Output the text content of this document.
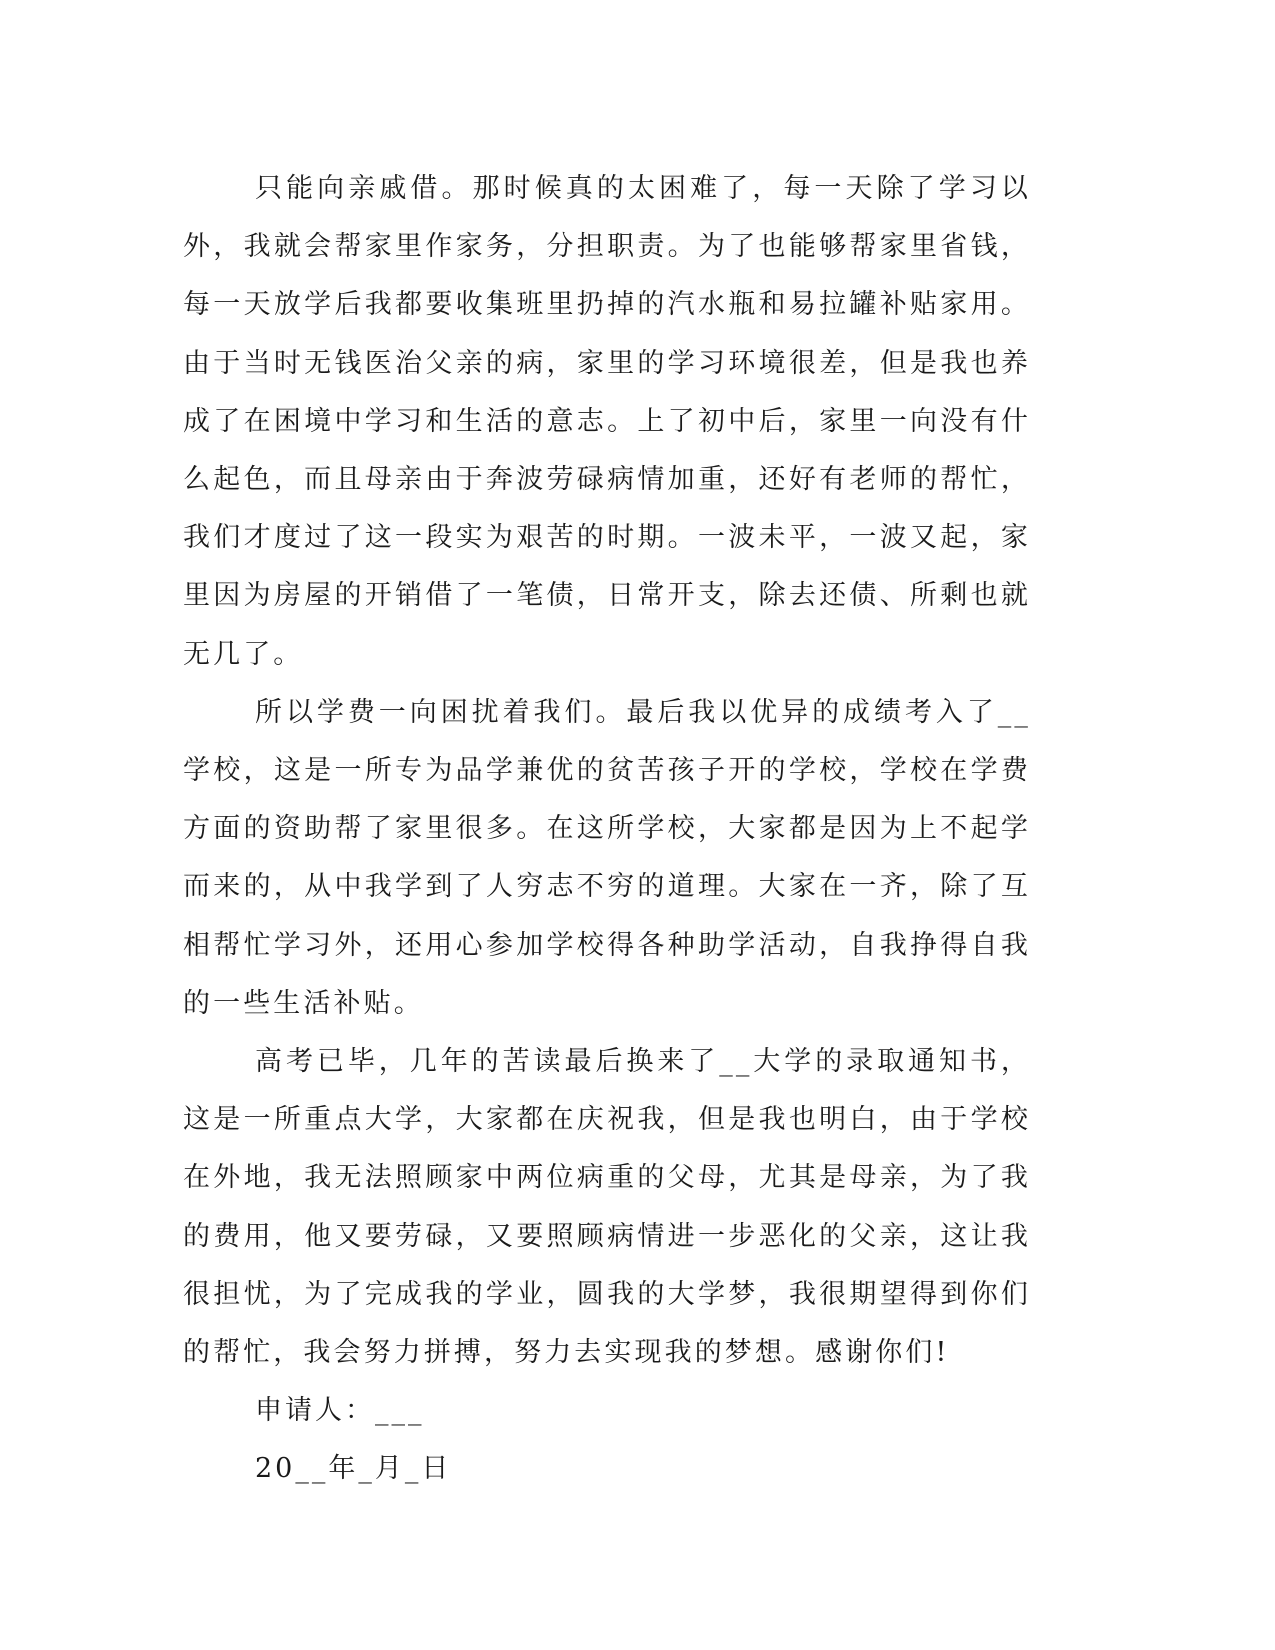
只能向亲戚借。那时候真的太困难了，每一天除了学习以外，我就会帮家里作家务，分担职责。为了也能够帮家里省钱，每一天放学后我都要收集班里扔掉的汽水瓶和易拉罐补贴家用。由于当时无钱医治父亲的病，家里的学习环境很差，但是我也养成了在困境中学习和生活的意志。上了初中后，家里一向没有什么起色，而且母亲由于奔波劳碌病情加重，还好有老师的帮忙，我们才度过了这一段实为艰苦的时期。一波未平，一波又起，家里因为房屋的开销借了一笔债，日常开支，除去还债、所剩也就无几了。

所以学费一向困扰着我们。最后我以优异的成绩考入了__学校，这是一所专为品学兼优的贫苦孩子开的学校，学校在学费方面的资助帮了家里很多。在这所学校，大家都是因为上不起学而来的，从中我学到了人穷志不穷的道理。大家在一齐，除了互相帮忙学习外，还用心参加学校得各种助学活动，自我挣得自我的一些生活补贴。

高考已毕，几年的苦读最后换来了__大学的录取通知书，这是一所重点大学，大家都在庆祝我，但是我也明白，由于学校在外地，我无法照顾家中两位病重的父母，尤其是母亲，为了我的费用，他又要劳碌，又要照顾病情进一步恶化的父亲，这让我很担忧，为了完成我的学业，圆我的大学梦，我很期望得到你们的帮忙，我会努力拼搏，努力去实现我的梦想。感谢你们!

申请人：___

20__年_月_日
